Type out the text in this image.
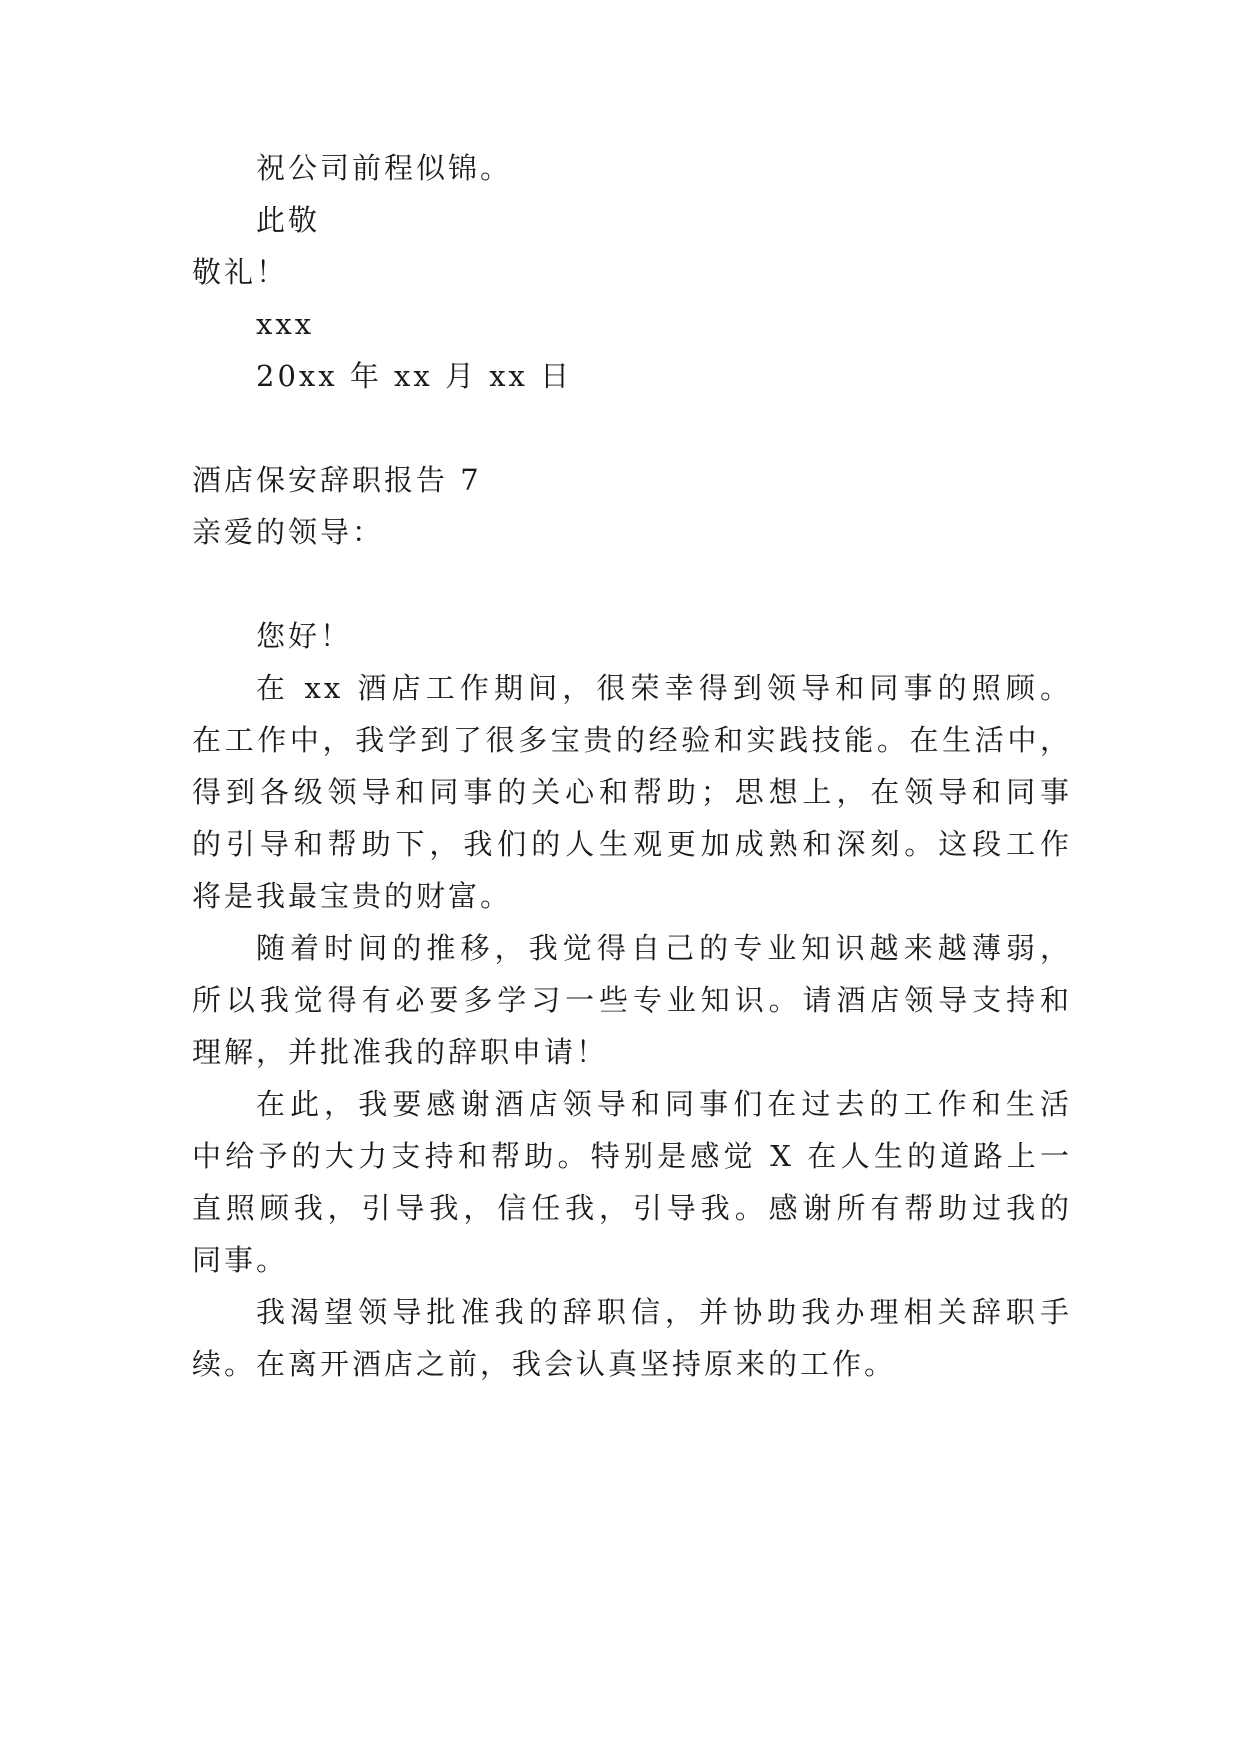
祝公司前程似锦。
此敬
敬礼！
xxx
20xx 年 xx 月 xx 日
酒店保安辞职报告 7
亲爱的领导：
您好！
在 xx 酒店工作期间，很荣幸得到领导和同事的照顾。
在工作中，我学到了很多宝贵的经验和实践技能。在生活中，
得到各级领导和同事的关心和帮助；思想上，在领导和同事
的引导和帮助下，我们的人生观更加成熟和深刻。这段工作
将是我最宝贵的财富。
随着时间的推移，我觉得自己的专业知识越来越薄弱，
所以我觉得有必要多学习一些专业知识。请酒店领导支持和
理解，并批准我的辞职申请！
在此，我要感谢酒店领导和同事们在过去的工作和生活
中给予的大力支持和帮助。特别是感觉 X 在人生的道路上一
直照顾我，引导我，信任我，引导我。感谢所有帮助过我的
同事。
我渴望领导批准我的辞职信，并协助我办理相关辞职手
续。在离开酒店之前，我会认真坚持原来的工作。
